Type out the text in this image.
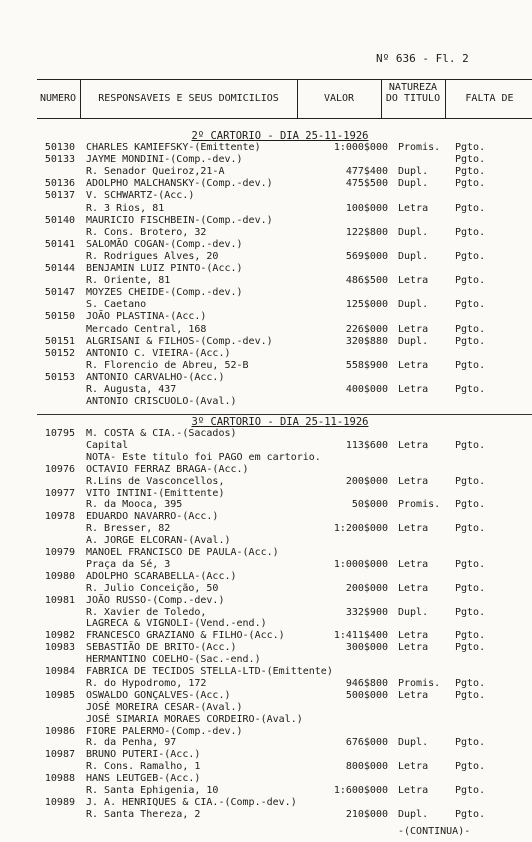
Nº 636 - Fl. 2
NUMERO	RESPONSAVEIS E SEUS DOMICILIOS	VALOR
NATUREZA DO TITULO	FALTA DE
2º CARTORIO - DIA 25-11-1926
50130 CHARLES KAMIEFSKY-(Emittente)	1:000$000 Promis. Pgto.
50133 JAYME MONDINI-(Comp.-dev.)	Pgto.
R. Senador Queiroz,21-A	477$400 Dupl.	Pgto.
50136 ADOLPHO MALCHANSKY-(Comp.-dev.)	475$500 Dupl.	Pgto.
50137 V. SCHWARTZ-(Acc.)
R. 3 Rios, 81	100$000 Letra	Pgto.
50140 MAURICIO FISCHBEIN-(Comp.-dev.)
R. Cons. Brotero, 32	122$800 Dupl.	Pgto.
50141 SALOMÃO COGAN-(Comp.-dev.)
R. Rodrigues Alves, 20	569$000 Dupl.	Pgto.
50144 BENJAMIN LUIZ PINTO-(Acc.)
R. Oriente, 81	486$500 Letra	Pgto.
50147 MOYZES CHEIDE-(Comp.-dev.)
S. Caetano	125$000 Dupl.	Pgto.
50150 JOÃO PLASTINA-(Acc.)
Mercado Central, 168	226$000 Letra	Pgto.
50151 ALGRISANI & FILHOS-(Comp.-dev.)	320$880 Dupl.	Pgto.
50152 ANTONIO C. VIEIRA-(Acc.)
R. Florencio de Abreu, 52-B	558$900 Letra	Pgto.
50153 ANTONIO CARVALHO-(Acc.)
R. Augusta, 437	400$000 Letra	Pgto.
ANTONIO CRISCUOLO-(Aval.)
3º CARTORIO - DIA 25-11-1926
10795 M. COSTA & CIA.-(Sacados)
Capital	113$600 Letra	Pgto.
NOTA- Este titulo foi PAGO em cartorio.
10976 OCTAVIO FERRAZ BRAGA-(Acc.)
R.Lins de Vasconcellos,	200$000 Letra	Pgto.
10977 VITO INTINI-(Emittente)
R. da Mooca, 395	50$000 Promis. Pgto.
10978 EDUARDO NAVARRO-(Acc.)
R. Bresser, 82	1:200$000 Letra	Pgto.
A. JORGE ELCORAN-(Aval.)
10979 MANOEL FRANCISCO DE PAULA-(Acc.)
Praça da Sé, 3	1:000$000 Letra	Pgto.
10980 ADOLPHO SCARABELLA-(Acc.)
R. Julio Conceição, 50	200$000 Letra	Pgto.
10981 JOÃO RUSSO-(Comp.-dev.)
R. Xavier de Toledo,	332$900 Dupl.	Pgto.
LAGRECA & VIGNOLI-(Vend.-end.)
10982 FRANCESCO GRAZIANO & FILHO-(Acc.)	1:411$400 Letra	Pgto.
10983 SEBASTIÃO DE BRITO-(Acc.)	300$000 Letra	Pgto.
HERMANTINO COELHO-(Sac.-end.)
10984 FABRICA DE TECIDOS STELLA-LTD-(Emittente)
R. do Hypodromo, 172	946$800 Promis. Pgto.
10985 OSWALDO GONÇALVES-(Acc.)	500$000 Letra	Pgto.
JOSÉ MOREIRA CESAR-(Aval.)
JOSÉ SIMARIA MORAES CORDEIRO-(Aval.)
10986 FIORE PALERMO-(Comp.-dev.)
R. da Penha, 97	676$000 Dupl.	Pgto.
10987 BRUNO PUTERI-(Acc.)
R. Cons. Ramalho, 1	800$000 Letra	Pgto.
10988 HANS LEUTGEB-(Acc.)
R. Santa Ephigenia, 10	1:600$000 Letra	Pgto.
10989 J. A. HENRIQUES & CIA.-(Comp.-dev.)
R. Santa Thereza, 2	210$000 Dupl.	Pgto.
-(CONTINUA)-
